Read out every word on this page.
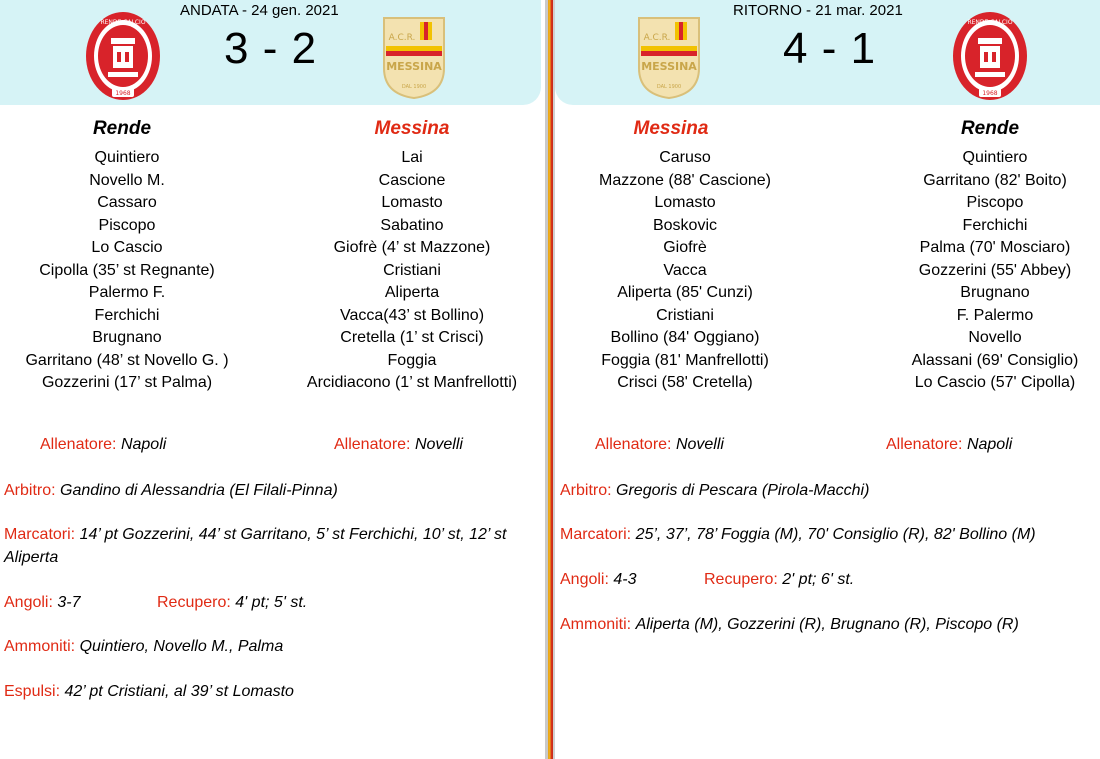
RENDE CALCIO
1968
ANDATA - 24 gen. 2021
3 - 2	A.C.R.
MESSINA
DAL 1900
Rende	Messina
Quintiero
Novello M.
Cassaro
Piscopo
Lo Cascio
Cipolla (35’ st Regnante)
Palermo F.
Ferchichi
Brugnano
Garritano (48’ st Novello G. )
Gozzerini (17’ st Palma)
Lai
Cascione
Lomasto
Sabatino
Giofrè (4’ st Mazzone)
Cristiani
Aliperta
Vacca(43’ st Bollino)
Cretella (1’ st Crisci)
Foggia
Arcidiacono (1’ st Manfrellotti)
Allenatore: Napoli	Allenatore: Novelli
Arbitro: Gandino di Alessandria (El Filali-Pinna)
Marcatori: 14’ pt Gozzerini, 44’ st Garritano, 5’ st Ferchichi, 10’ st, 12’ st Aliperta
Angoli: 3-7	Recupero: 4' pt; 5' st.
Ammoniti: Quintiero, Novello M., Palma
Espulsi: 42’ pt Cristiani, al 39’ st Lomasto
RITORNO - 21 mar. 2021
4 - 1
A.C.R.
MESSINA
DAL 1900
RENDE CALCIO
1968
Messina	Rende
Caruso
Mazzone (88' Cascione)
Lomasto
Boskovic
Giofrè
Vacca
Aliperta (85' Cunzi)
Cristiani
Bollino (84' Oggiano)
Foggia (81' Manfrellotti)
Crisci (58' Cretella)
Quintiero
Garritano (82' Boito)
Piscopo
Ferchichi
Palma (70' Mosciaro)
Gozzerini (55' Abbey)
Brugnano
F. Palermo
Novello
Alassani (69' Consiglio)
Lo Cascio (57' Cipolla)
Allenatore: Novelli	Allenatore: Napoli
Arbitro: Gregoris di Pescara (Pirola-Macchi)
Marcatori: 25’, 37’, 78’ Foggia (M), 70' Consiglio (R), 82' Bollino (M)
Angoli: 4-3	Recupero: 2' pt; 6' st.
Ammoniti: Aliperta (M), Gozzerini (R), Brugnano (R), Piscopo (R)
